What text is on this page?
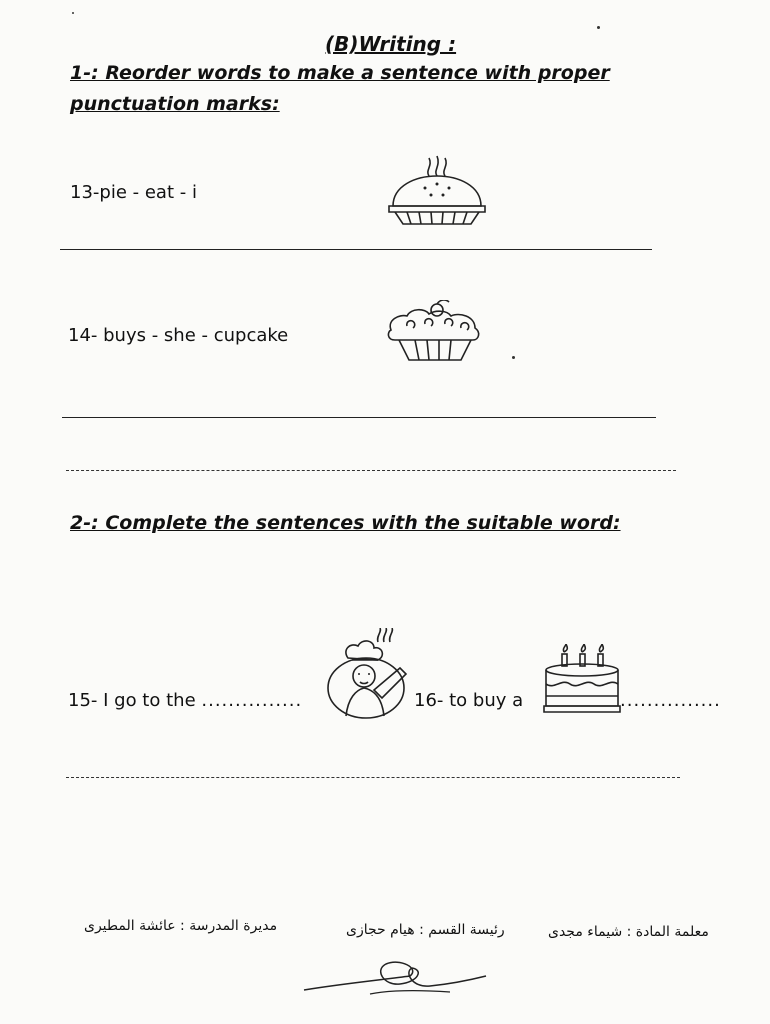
(B)Writing :
1-: Reorder words to make a sentence with proper
punctuation marks:
13-pie - eat - i
14- buys - she - cupcake
2-: Complete the sentences with the suitable word:
15- I go to the ...............	16- to buy a	...............
مديرة المدرسة : عائشة المطيرى	رئيسة القسم : هيام حجازى	معلمة المادة : شيماء مجدى
